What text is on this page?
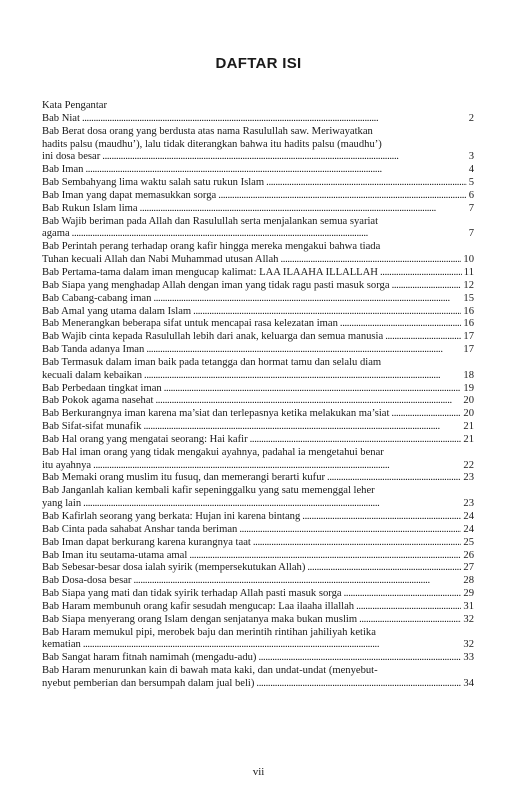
DAFTAR ISI
Kata Pengantar
Bab Niat . . .	2
Bab Berat dosa orang yang berdusta atas nama Rasulullah saw. Meriwayatkan
hadits palsu (maudhu’), lalu tidak diterangkan bahwa itu hadits palsu (maudhu’)
ini dosa besar . . .	3
Bab Iman . . .	4
Bab Sembahyang lima waktu salah satu rukun Islam . . .	5
Bab Iman yang dapat memasukkan sorga . . .	6
Bab Rukun Islam lima . . .	7
Bab Wajib beriman pada Allah dan Rasulullah serta menjalankan semua syariat
agama . . .	7
Bab Perintah perang terhadap orang kafir hingga mereka mengakui bahwa tiada
Tuhan kecuali Allah dan Nabi Muhammad utusan Allah . . .	10
Bab Pertama-tama dalam iman mengucap kalimat: LAA ILAAHA ILLALLAH . . .	11
Bab Siapa yang menghadap Allah dengan iman yang tidak ragu pasti masuk sorga . . .	12
Bab Cabang-cabang iman . . .	15
Bab Amal yang utama dalam Islam . . .	16
Bab Menerangkan beberapa sifat untuk mencapai rasa kelezatan iman . . .	16
Bab Wajib cinta kepada Rasulullah lebih dari anak, keluarga dan semua manusia . . .	17
Bab Tanda adanya Iman . . .	17
Bab Termasuk dalam iman baik pada tetangga dan hormat tamu dan selalu diam
kecuali dalam kebaikan . . .	18
Bab Perbedaan tingkat iman . . .	19
Bab Pokok agama nasehat . . .	20
Bab Berkurangnya iman karena ma’siat dan terlepasnya ketika melakukan ma’siat . . .	20
Bab Sifat-sifat munafik . . .	21
Bab Hal orang yang mengatai seorang: Hai kafir . . .	21
Bab Hal iman orang yang tidak mengakui ayahnya, padahal ia mengetahui benar
itu ayahnya . . .	22
Bab Memaki orang muslim itu fusuq, dan memerangi berarti kufur . . .	23
Bab Janganlah kalian kembali kafir sepeninggalku yang satu memenggal leher
yang lain . . .	23
Bab Kafirlah seorang yang berkata: Hujan ini karena bintang . . .	24
Bab Cinta pada sahabat Anshar tanda beriman . . .	24
Bab Iman dapat berkurang karena kurangnya taat . . .	25
Bab Iman itu seutama-utama amal . . .	26
Bab Sebesar-besar dosa ialah syirik (mempersekutukan Allah) . . .	27
Bab Dosa-dosa besar . . .	28
Bab Siapa yang mati dan tidak syirik terhadap Allah pasti masuk sorga . . .	29
Bab Haram membunuh orang kafir sesudah mengucap: Laa ilaaha illallah . . .	31
Bab Siapa menyerang orang Islam dengan senjatanya maka bukan muslim . . .	32
Bab Haram memukul pipi, merobek baju dan merintih rintihan jahiliyah ketika
kematian . . .	32
Bab Sangat haram fitnah namimah (mengadu-adu) . . .	33
Bab Haram menurunkan kain di bawah mata kaki, dan undat-undat (menyebut-
nyebut pemberian dan bersumpah dalam jual beli) . . .	34
vii
